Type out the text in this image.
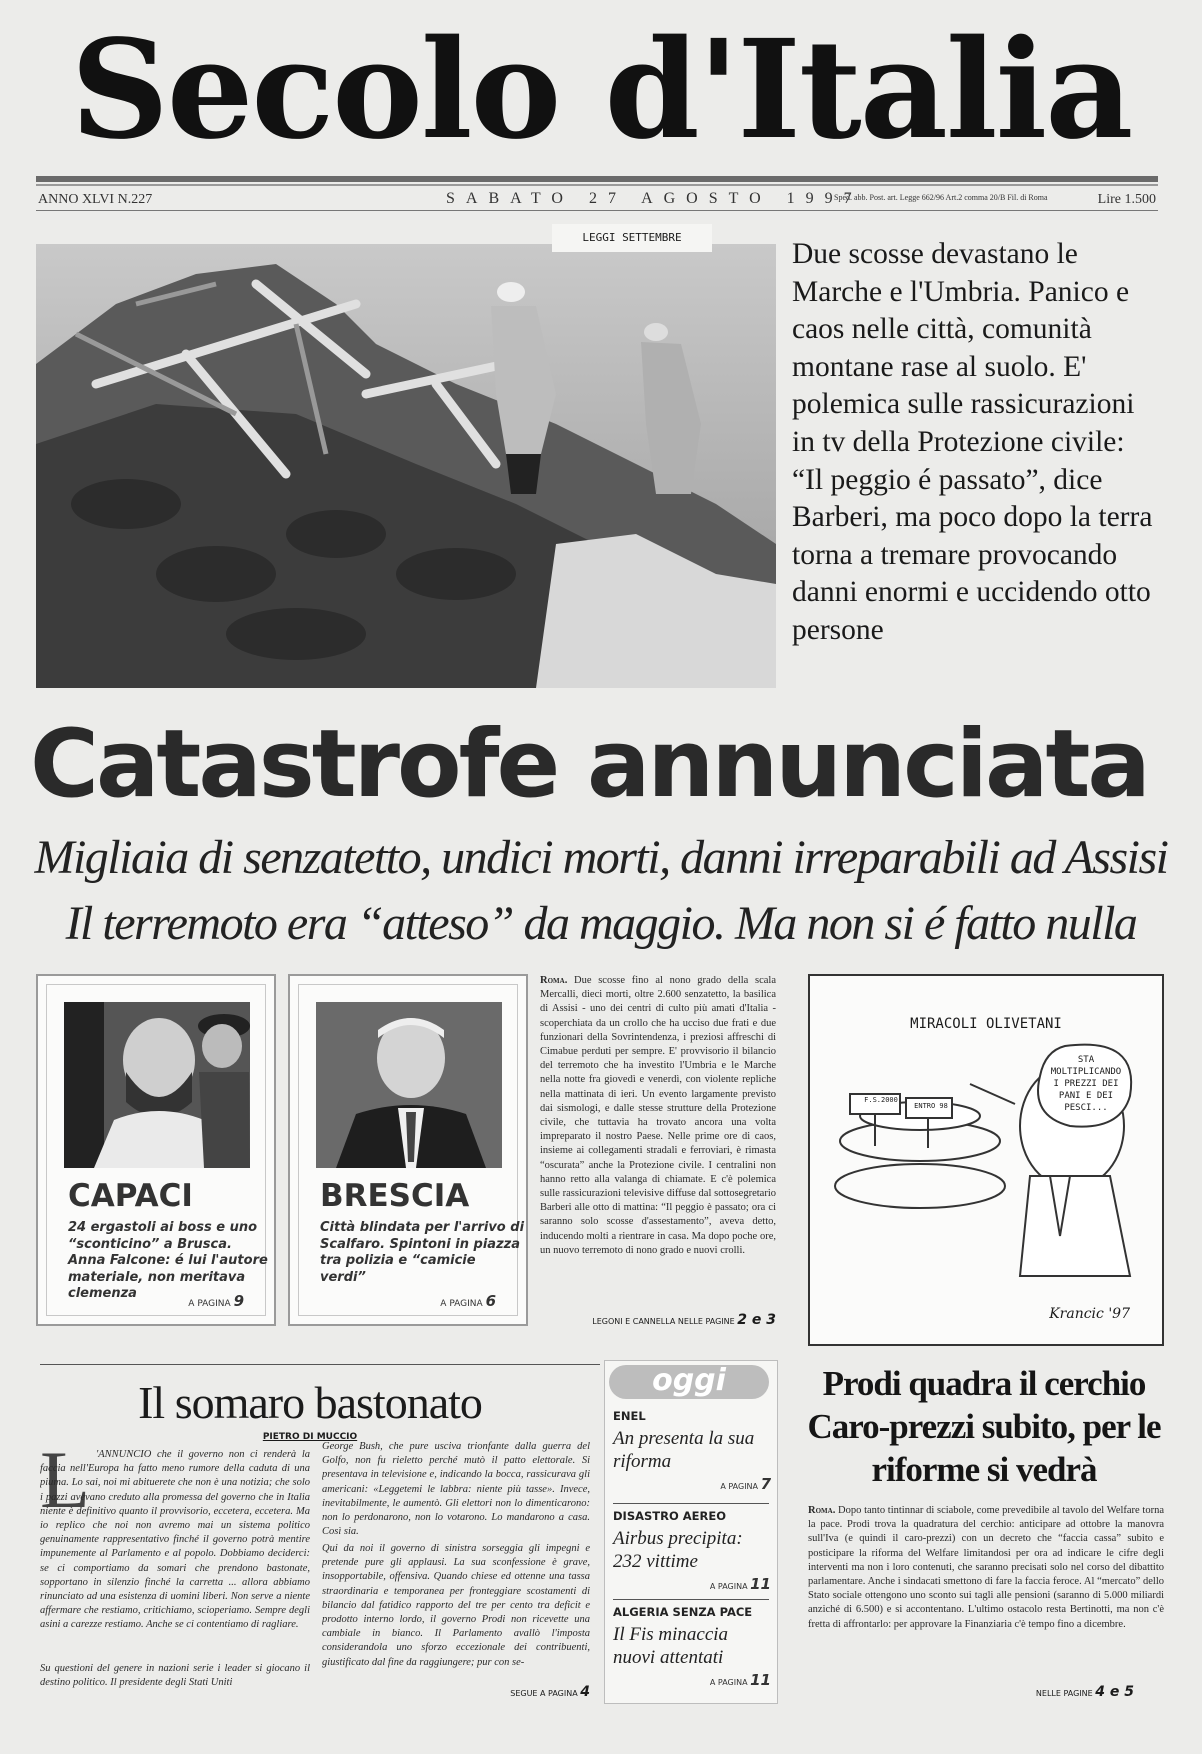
Secolo d'Italia
ANNO XLVI N.227	SABATO 27 AGOSTO 1997
Sped. abb. Post. art. Legge 662/96 Art.2 comma 20/B Fil. di Roma	Lire 1.500
LEGGI SETTEMBRE
Due scosse devastano le Marche e l'Umbria. Panico e caos nelle città, comunità montane rase al suolo. E' polemica sulle rassicurazioni in tv della Protezione civile: “Il peggio é passato”, dice Barberi, ma poco dopo la terra torna a tremare provocando danni enormi e uccidendo otto persone
Catastrofe annunciata
Migliaia di senzatetto, undici morti, danni irreparabili ad Assisi
Il terremoto era “atteso” da maggio. Ma non si é fatto nulla
CAPACI
24 ergastoli ai boss e uno “sconticino” a Brusca. Anna Falcone: é lui l'autore materiale, non meritava clemenza
A PAGINA 9
BRESCIA
Città blindata per l'arrivo di Scalfaro. Spintoni in piazza tra polizia e “camicie verdi”
A PAGINA 6
Roma. Due scosse fino al nono grado della scala Mercalli, dieci morti, oltre 2.600 senzatetto, la basilica di Assisi - uno dei centri di culto più amati d'Italia - scoperchiata da un crollo che ha ucciso due frati e due funzionari della Sovrintendenza, i preziosi affreschi di Cimabue perduti per sempre. E' provvisorio il bilancio del terremoto che ha investito l'Umbria e le Marche nella notte fra giovedì e venerdì, con violente repliche nella mattinata di ieri. Un evento largamente previsto dai sismologi, e dalle stesse strutture della Protezione civile, che tuttavia ha trovato ancora una volta impreparato il nostro Paese. Nelle prime ore di caos, insieme ai collegamenti stradali e ferroviari, è rimasta “oscurata” anche la Protezione civile. I centralini non hanno retto alla valanga di chiamate. E c'è polemica sulle rassicurazioni televisive diffuse dal sottosegretario Barberi alle otto di mattina: “Il peggio è passato; ora ci saranno solo scosse d'assestamento”, aveva detto, inducendo molti a rientrare in casa. Ma dopo poche ore, un nuovo terremoto di nono grado e nuovi crolli.
LEGONI E CANNELLA NELLE PAGINE 2 e 3
MIRACOLI OLIVETANI
F.S.2000
ENTRO 98
STA MOLTIPLICANDO I PREZZI DEI PANI E DEI PESCI...
Krancic '97
Il somaro bastonato
PIETRO DI MUCCIO
L 'ANNUNCIO che il governo non ci renderà la faccia nell'Europa ha fatto meno rumore della caduta di una piuma. Lo sai, noi mi abituerete che non è una notizia; che solo i pazzi avevano creduto alla promessa del governo che in Italia niente è definitivo quanto il provvisorio, eccetera, eccetera. Ma io replico che noi non avremo mai un sistema politico genuinamente rappresentativo finché il governo potrà mentire impunemente al Parlamento e al popolo. Dobbiamo deciderci: se ci comportiamo da somari che prendono bastonate, sopportano in silenzio finché la carretta ... allora abbiamo rinunciato ad una esistenza di uomini liberi. Non serve a niente affermare che restiamo, critichiamo, scioperiamo. Sempre degli asini a carezze restiamo. Anche se ci contentiamo di ragliare.
Su questioni del genere in nazioni serie i leader si giocano il destino politico. Il presidente degli Stati Uniti
George Bush, che pure usciva trionfante dalla guerra del Golfo, non fu rieletto perché mutò il patto elettorale. Si presentava in televisione e, indicando la bocca, rassicurava gli americani: «Leggetemi le labbra: niente più tasse». Invece, inevitabilmente, le aumentò. Gli elettori non lo dimenticarono: non lo perdonarono, non lo votarono. Lo mandarono a casa. Così sia.
Qui da noi il governo di sinistra sorseggia gli impegni e pretende pure gli applausi. La sua sconfessione è grave, insopportabile, offensiva. Quando chiese ed ottenne una tassa straordinaria e temporanea per fronteggiare scostamenti di bilancio dal fatidico rapporto del tre per cento tra deficit e prodotto interno lordo, il governo Prodi non ricevette una cambiale in bianco. Il Parlamento avallò l'imposta considerandola uno sforzo eccezionale dei contribuenti, giustificato dal fine da raggiungere; pur con se-
SEGUE A PAGINA 4
oggi
ENEL
An presenta la sua riforma
A PAGINA 7
DISASTRO AEREO
Airbus precipita: 232 vittime
A PAGINA 11
ALGERIA SENZA PACE
Il Fis minaccia nuovi attentati
A PAGINA 11
Prodi quadra il cerchio Caro-prezzi subito, per le riforme si vedrà
Roma. Dopo tanto tintinnar di sciabole, come prevedibile al tavolo del Welfare torna la pace. Prodi trova la quadratura del cerchio: anticipare ad ottobre la manovra sull'Iva (e quindi il caro-prezzi) con un decreto che “faccia cassa” subito e posticipare la riforma del Welfare limitandosi per ora ad indicare le cifre degli interventi ma non i loro contenuti, che saranno precisati solo nel corso del dibattito parlamentare. Anche i sindacati smettono di fare la faccia feroce. Al “mercato” dello Stato sociale ottengono uno sconto sui tagli alle pensioni (saranno di 5.000 miliardi anziché di 6.500) e si accontentano. L'ultimo ostacolo resta Bertinotti, ma non c'è fretta di affrontarlo: per approvare la Finanziaria c'è tempo fino a dicembre.
NELLE PAGINE 4 e 5
